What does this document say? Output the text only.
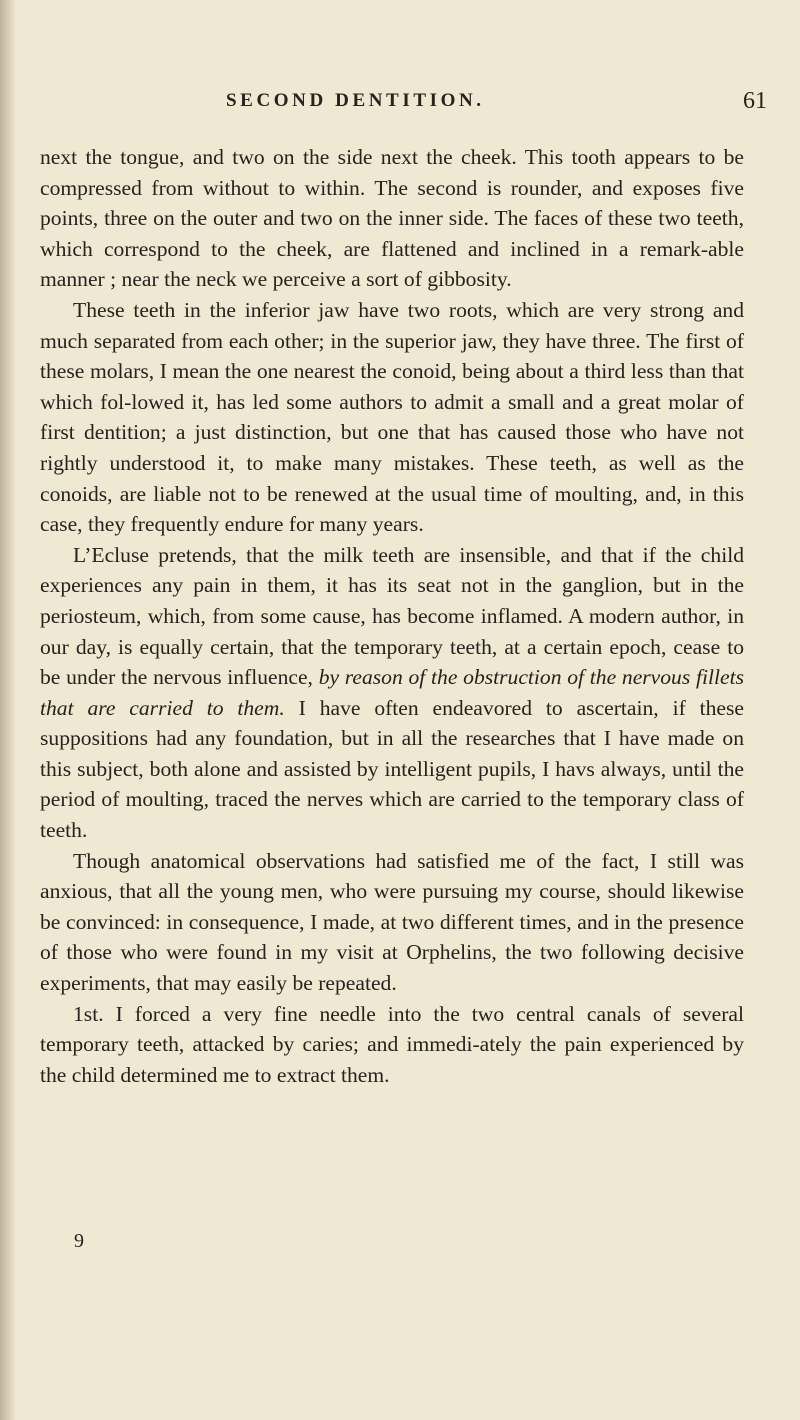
SECOND DENTITION.	61

next the tongue, and two on the side next the cheek. This tooth appears to be compressed from without to within. The second is rounder, and exposes five points, three on the outer and two on the inner side. The faces of these two teeth, which correspond to the cheek, are flattened and inclined in a remark-able manner ; near the neck we perceive a sort of gibbosity.

These teeth in the inferior jaw have two roots, which are very strong and much separated from each other; in the superior jaw, they have three. The first of these molars, I mean the one nearest the conoid, being about a third less than that which fol-lowed it, has led some authors to admit a small and a great molar of first dentition; a just distinction, but one that has caused those who have not rightly understood it, to make many mistakes. These teeth, as well as the conoids, are liable not to be renewed at the usual time of moulting, and, in this case, they frequently endure for many years.

L’Ecluse pretends, that the milk teeth are insensible, and that if the child experiences any pain in them, it has its seat not in the ganglion, but in the periosteum, which, from some cause, has become inflamed. A modern author, in our day, is equally certain, that the temporary teeth, at a certain epoch, cease to be under the nervous influence, by reason of the obstruction of the nervous fillets that are carried to them. I have often endeavored to ascertain, if these suppositions had any foundation, but in all the researches that I have made on this subject, both alone and assisted by intelligent pupils, I havs always, until the period of moulting, traced the nerves which are carried to the temporary class of teeth.

Though anatomical observations had satisfied me of the fact, I still was anxious, that all the young men, who were pursuing my course, should likewise be convinced: in consequence, I made, at two different times, and in the presence of those who were found in my visit at Orphelins, the two following decisive experiments, that may easily be repeated.

1st. I forced a very fine needle into the two central canals of several temporary teeth, attacked by caries; and immedi-ately the pain experienced by the child determined me to extract them.

9
